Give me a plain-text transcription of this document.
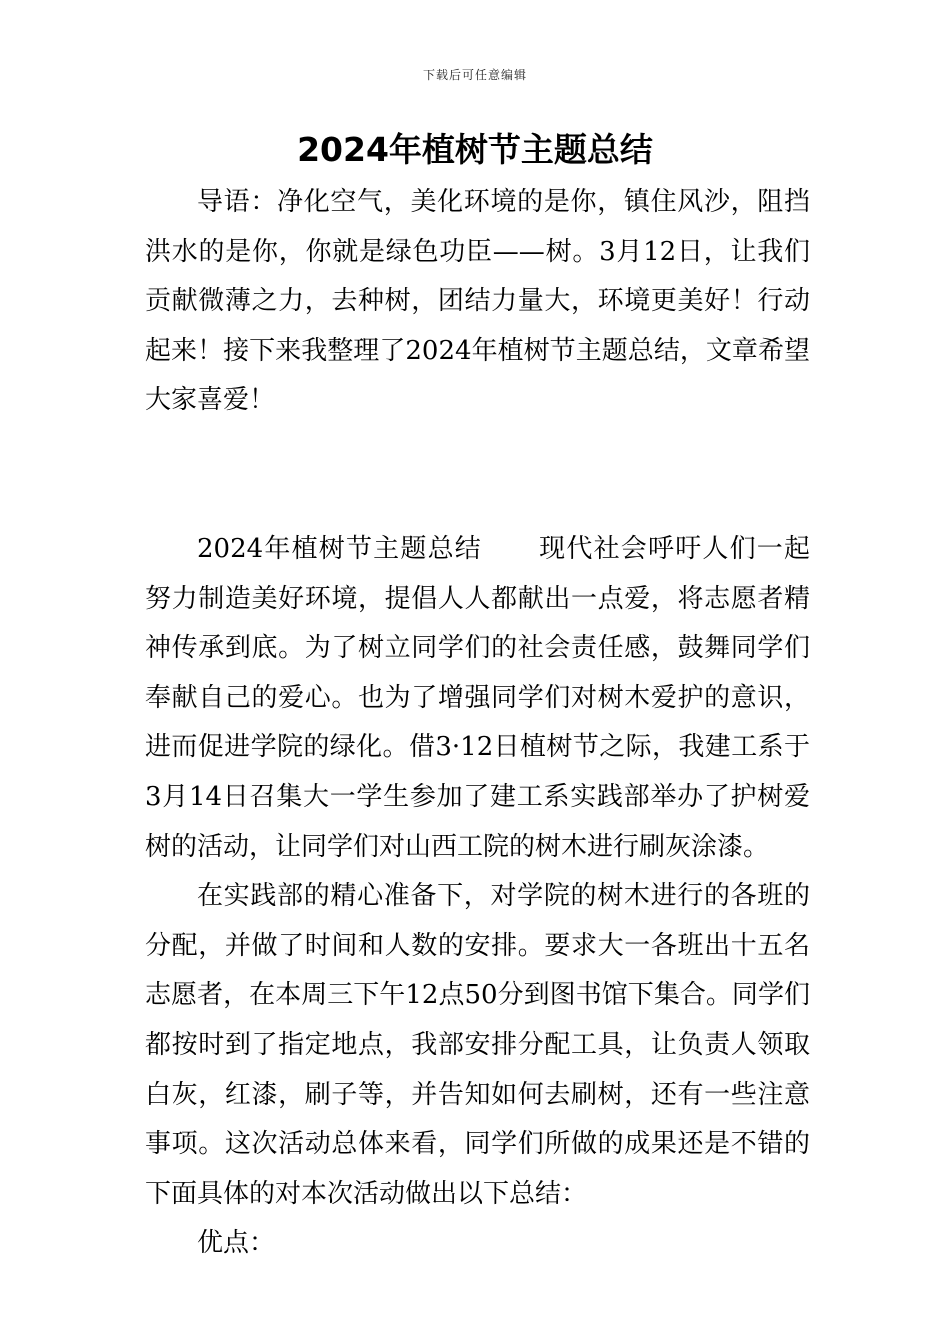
下载后可任意编辑
2024年植树节主题总结

导语：净化空气，美化环境的是你，镇住风沙，阻挡洪水的是你，你就是绿色功臣——树。3月12日，让我们贡献微薄之力，去种树，团结力量大，环境更美好！行动起来！接下来我整理了2024年植树节主题总结，文章希望大家喜爱！

2024年植树节主题总结 现代社会呼吁人们一起努力制造美好环境，提倡人人都献出一点爱，将志愿者精神传承到底。为了树立同学们的社会责任感，鼓舞同学们奉献自己的爱心。也为了增强同学们对树木爱护的意识，进而促进学院的绿化。借3·12日植树节之际，我建工系于3月14日召集大一学生参加了建工系实践部举办了护树爱树的活动，让同学们对山西工院的树木进行刷灰涂漆。

在实践部的精心准备下，对学院的树木进行的各班的分配，并做了时间和人数的安排。要求大一各班出十五名志愿者，在本周三下午12点50分到图书馆下集合。同学们都按时到了指定地点，我部安排分配工具，让负责人领取白灰，红漆，刷子等，并告知如何去刷树，还有一些注意事项。这次活动总体来看，同学们所做的成果还是不错的下面具体的对本次活动做出以下总结：

优点：
